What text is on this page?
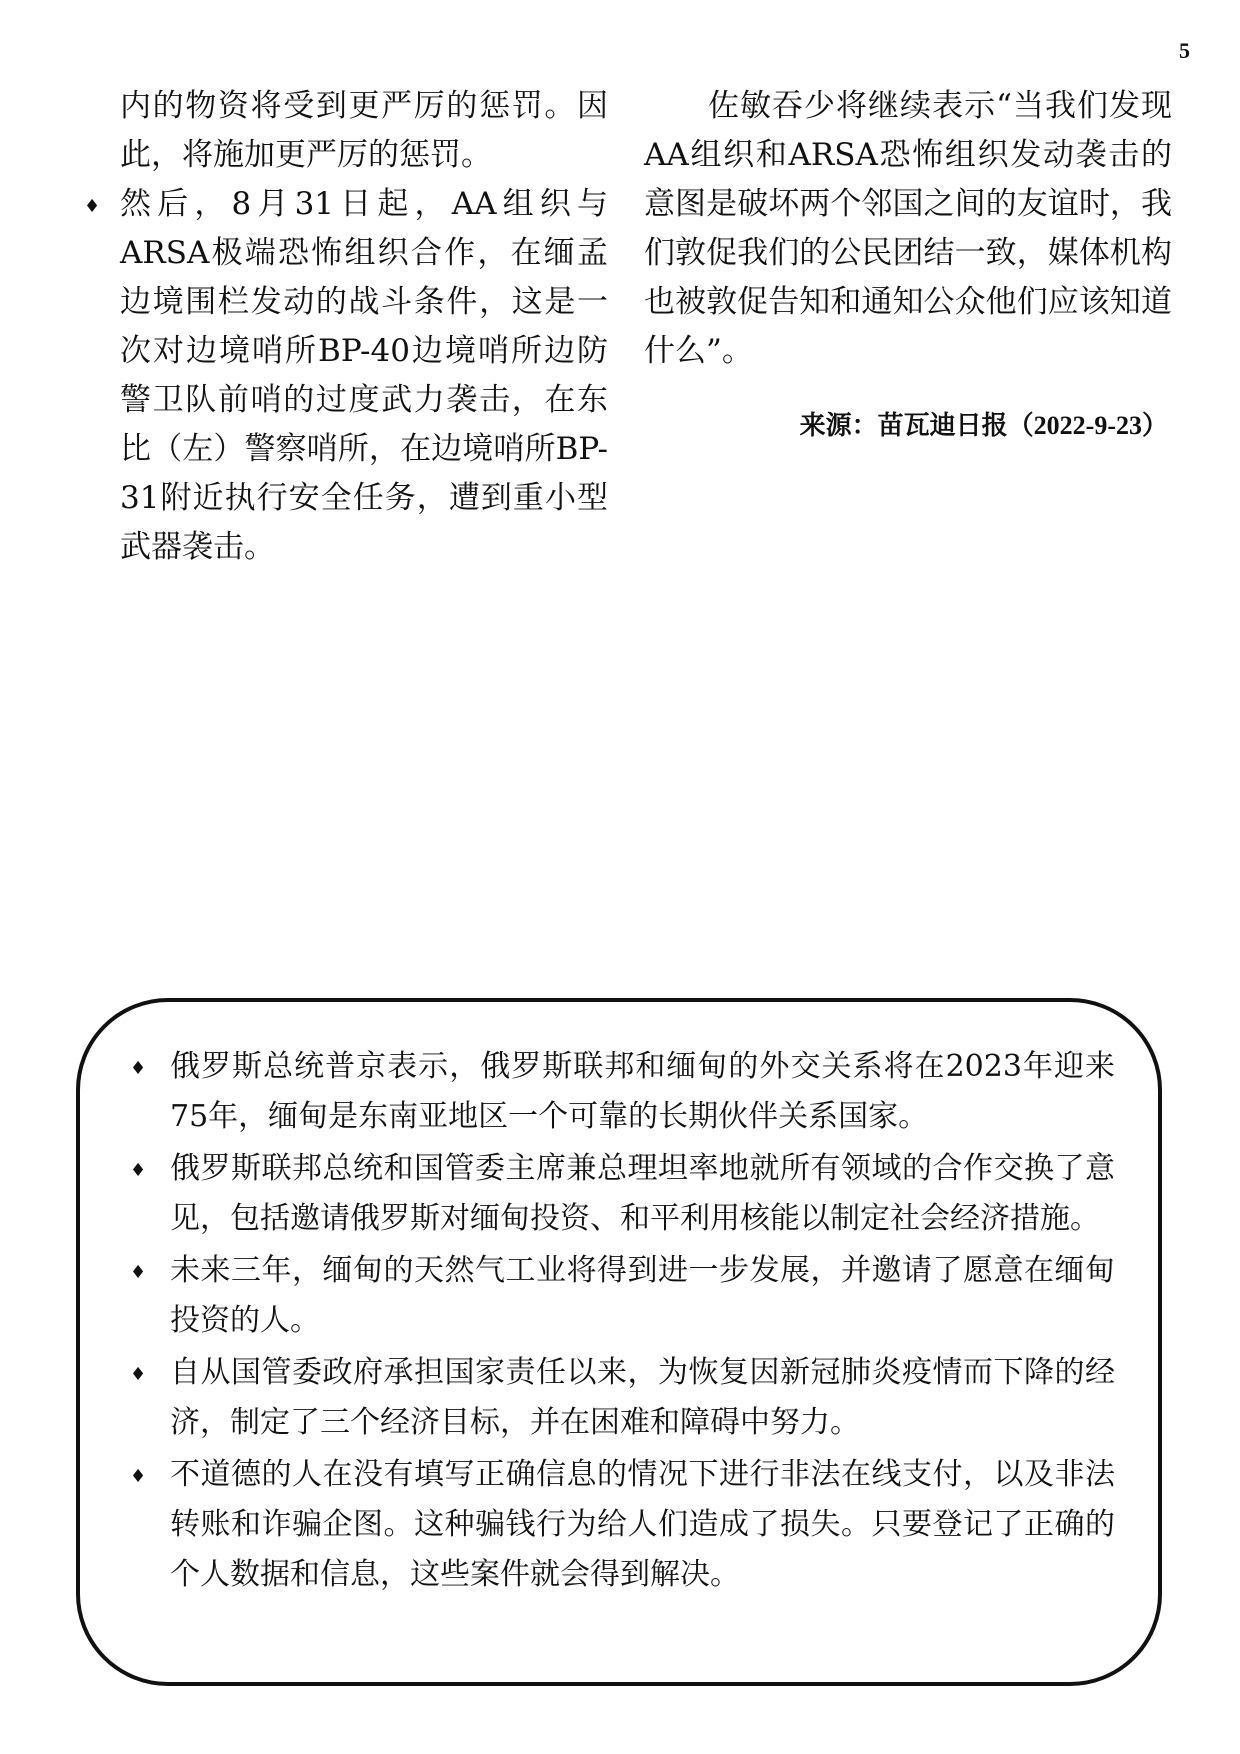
5

内的物资将受到更严厉的惩罚。因此，将施加更严厉的惩罚。

♦ 然后，8月31日起，AA组织与ARSA极端恐怖组织合作，在缅孟边境围栏发动的战斗条件，这是一次对边境哨所BP-40边境哨所边防警卫队前哨的过度武力袭击，在东比（左）警察哨所，在边境哨所BP-31附近执行安全任务，遭到重小型武器袭击。

佐敏吞少将继续表示“当我们发现AA组织和ARSA恐怖组织发动袭击的意图是破坏两个邻国之间的友谊时，我们敦促我们的公民团结一致，媒体机构也被敦促告知和通知公众他们应该知道什么”。

来源：苗瓦迪日报（2022-9-23）

♦ 俄罗斯总统普京表示，俄罗斯联邦和缅甸的外交关系将在2023年迎来75年，缅甸是东南亚地区一个可靠的长期伙伴关系国家。

♦ 俄罗斯联邦总统和国管委主席兼总理坦率地就所有领域的合作交换了意见，包括邀请俄罗斯对缅甸投资、和平利用核能以制定社会经济措施。

♦ 未来三年，缅甸的天然气工业将得到进一步发展，并邀请了愿意在缅甸投资的人。

♦ 自从国管委政府承担国家责任以来，为恢复因新冠肺炎疫情而下降的经济，制定了三个经济目标，并在困难和障碍中努力。

♦ 不道德的人在没有填写正确信息的情况下进行非法在线支付，以及非法转账和诈骗企图。这种骗钱行为给人们造成了损失。只要登记了正确的个人数据和信息，这些案件就会得到解决。
